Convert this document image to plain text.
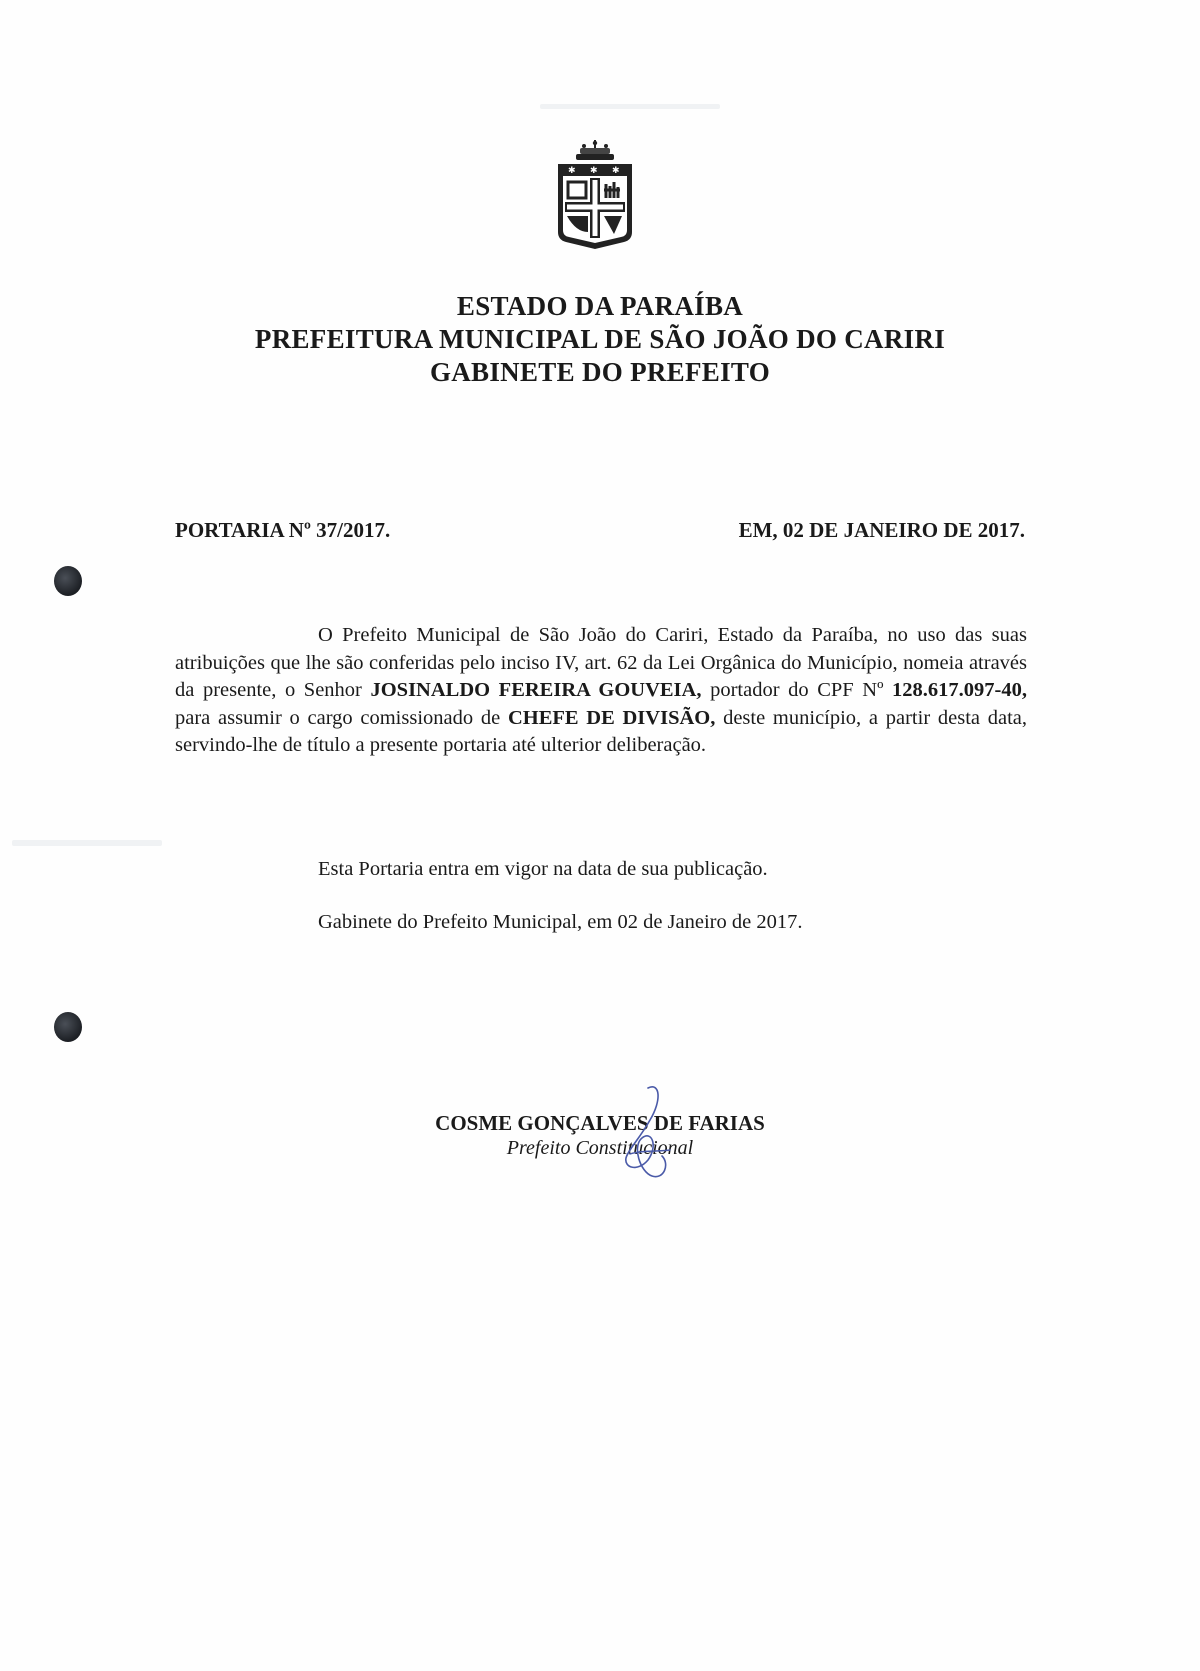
✱ ✱ ✱
ESTADO DA PARAÍBA
PREFEITURA MUNICIPAL DE SÃO JOÃO DO CARIRI
GABINETE DO PREFEITO
PORTARIA Nº 37/2017.	EM, 02 DE JANEIRO DE 2017.
O Prefeito Municipal de São João do Cariri, Estado da Paraíba, no uso das suas atribuições que lhe são conferidas pelo inciso IV, art. 62 da Lei Orgânica do Município, nomeia através da presente, o Senhor JOSINALDO FEREIRA GOUVEIA, portador do CPF Nº 128.617.097-40, para assumir o cargo comissionado de CHEFE DE DIVISÃO, deste município, a partir desta data, servindo-lhe de título a presente portaria até ulterior deliberação.
Esta Portaria entra em vigor na data de sua publicação.
Gabinete do Prefeito Municipal, em 02 de Janeiro de 2017.
COSME GONÇALVES DE FARIAS
Prefeito Constitucional
